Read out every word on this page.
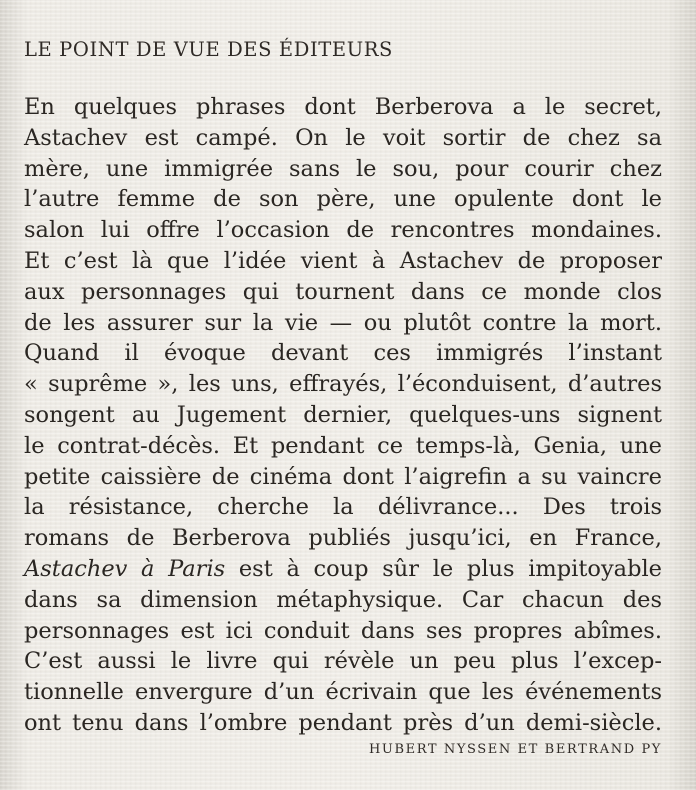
LE POINT DE VUE DES ÉDITEURS
En quelques phrases dont Berberova a le secret,
Astachev est campé. On le voit sortir de chez sa
mère, une immigrée sans le sou, pour courir chez
l’autre femme de son père, une opulente dont le
salon lui offre l’occasion de rencontres mondaines.
Et c’est là que l’idée vient à Astachev de proposer
aux personnages qui tournent dans ce monde clos
de les assurer sur la vie — ou plutôt contre la mort.
Quand il évoque devant ces immigrés l’instant
« suprême », les uns, effrayés, l’éconduisent, d’autres
songent au Jugement dernier, quelques-uns signent
le contrat-décès. Et pendant ce temps-là, Genia, une
petite caissière de cinéma dont l’aigrefin a su vaincre
la résistance, cherche la délivrance... Des trois
romans de Berberova publiés jusqu’ici, en France,
Astachev à Paris est à coup sûr le plus impitoyable
dans sa dimension métaphysique. Car chacun des
personnages est ici conduit dans ses propres abîmes.
C’est aussi le livre qui révèle un peu plus l’excep-
tionnelle envergure d’un écrivain que les événements
ont tenu dans l’ombre pendant près d’un demi-siècle.
HUBERT NYSSEN ET BERTRAND PY
